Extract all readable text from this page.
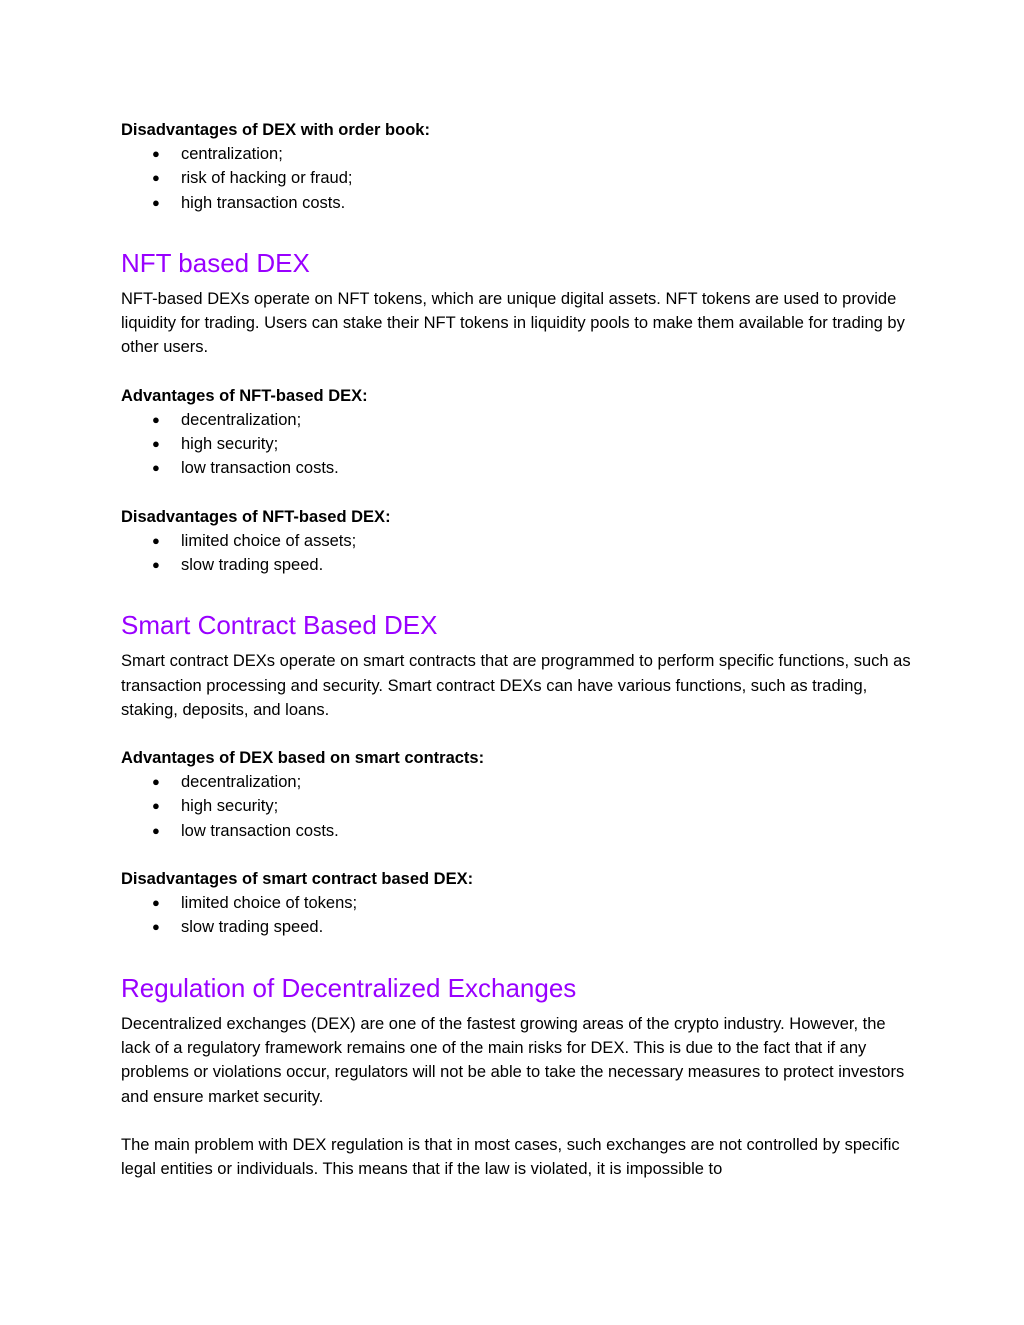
Disadvantages of DEX with order book:

● centralization;
● risk of hacking or fraud;
● high transaction costs.
NFT based DEX

NFT-based DEXs operate on NFT tokens, which are unique digital assets. NFT tokens are used to provide liquidity for trading. Users can stake their NFT tokens in liquidity pools to make them available for trading by other users.

Advantages of NFT-based DEX:

● decentralization;
● high security;
● low transaction costs.

Disadvantages of NFT-based DEX:

● limited choice of assets;
● slow trading speed.
Smart Contract Based DEX

Smart contract DEXs operate on smart contracts that are programmed to perform specific functions, such as transaction processing and security. Smart contract DEXs can have various functions, such as trading, staking, deposits, and loans.

Advantages of DEX based on smart contracts:

● decentralization;
● high security;
● low transaction costs.

Disadvantages of smart contract based DEX:

● limited choice of tokens;
● slow trading speed.
Regulation of Decentralized Exchanges

Decentralized exchanges (DEX) are one of the fastest growing areas of the crypto industry. However, the lack of a regulatory framework remains one of the main risks for DEX. This is due to the fact that if any problems or violations occur, regulators will not be able to take the necessary measures to protect investors and ensure market security.

The main problem with DEX regulation is that in most cases, such exchanges are not controlled by specific legal entities or individuals. This means that if the law is violated, it is impossible to
